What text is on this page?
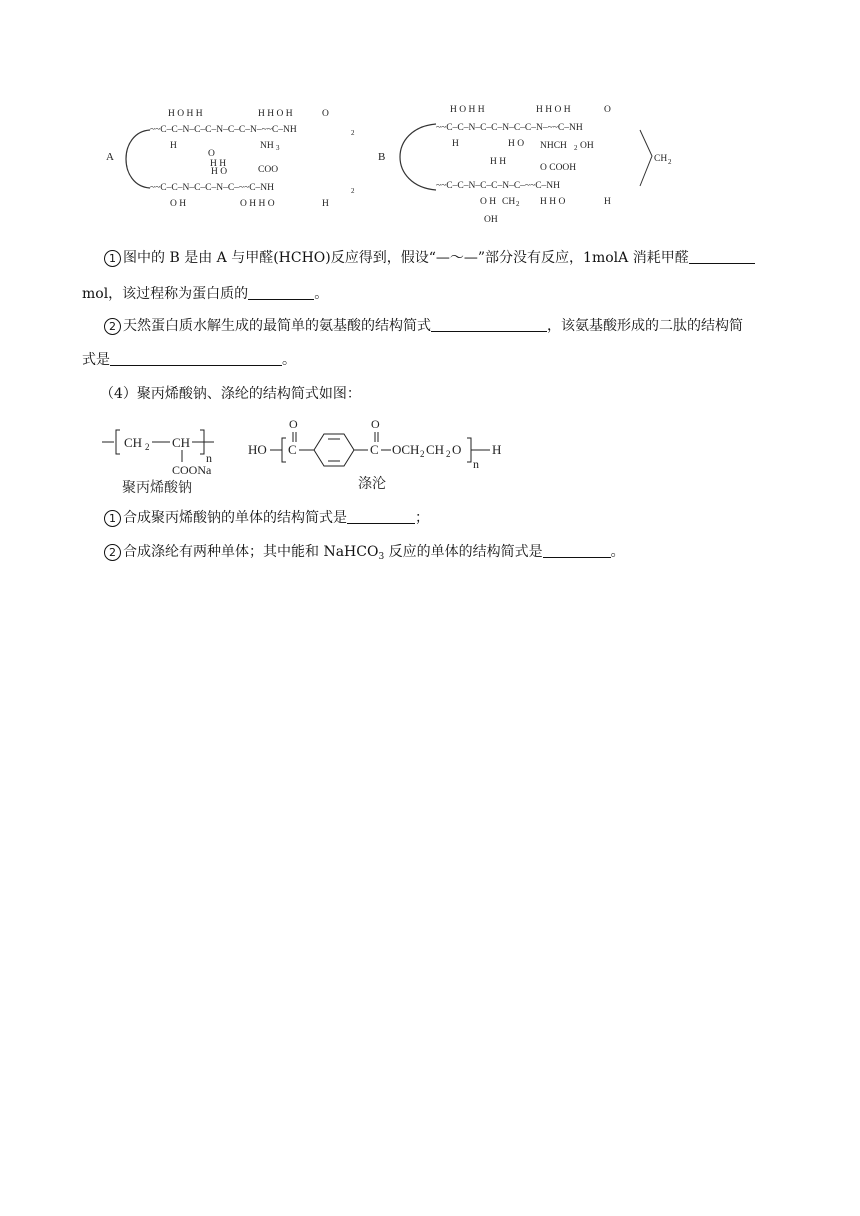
A
H O H H	H H O H	O
~~C–C–N–C–C–N–C–C–N–~~C–NH	2
H	NH 3
O
H H
COO
H O
~~C–C–N–C–C–N–C–~~C–NH	2
O H	O H H O	H
B
H O H H	H H O H	O
~~C–C–N–C–C–N–C–C–N–~~C–NH
H	H O NHCH 2 OH
H H
O COOH
~~C–C–N–C–C–N–C–~~C–NH
O H CH 2 H H O	H
OH
CH 2
1 图中的 B 是由 A 与甲醛(HCHO)反应得到，假设“—～—”部分没有反应，1molA 消耗甲醛
mol，该过程称为蛋白质的	。
2 天然蛋白质水解生成的最简单的氨基酸的结构简式	，该氨基酸形成的二肽的结构简
式是	。
（4）聚丙烯酸钠、涤纶的结构简式如图：
CH 2 CH
n
COONa
聚丙烯酸钠
HO C
O
C
O
OCH 2 CH 2 O
n
H
涤沦
1 合成聚丙烯酸钠的单体的结构简式是	；
2 合成涤纶有两种单体；其中能和 NaHCO$_3$ 反应的单体的结构简式是	。
